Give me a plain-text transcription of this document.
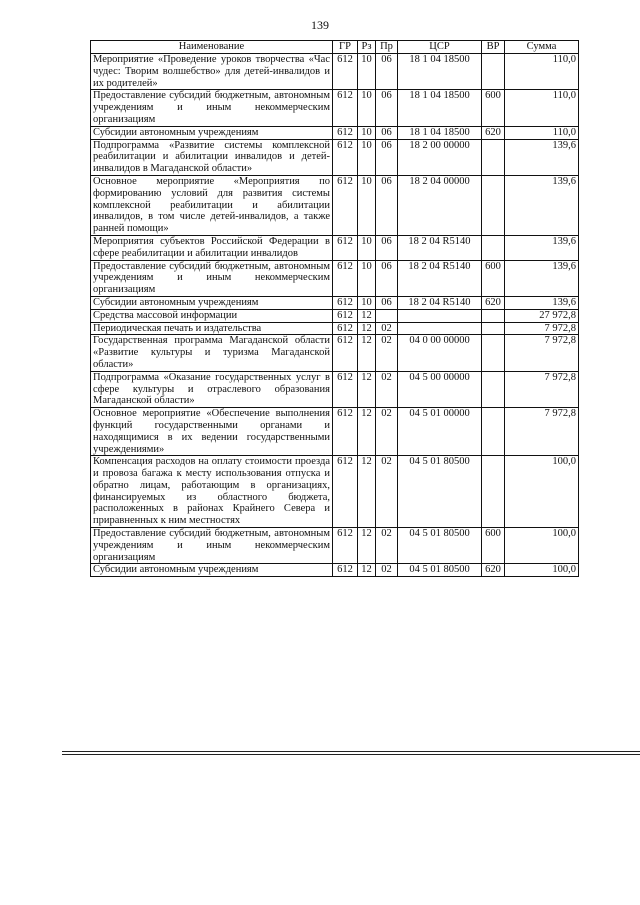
139
Наименование	ГР	Рз	Пр	ЦСР	ВР	Сумма
Мероприятие «Проведение уроков творчества «Час чудес: Творим волшебство» для детей-инвалидов и их родителей»	612	10	06	18 1 04 18500		110,0
Предоставление субсидий бюджетным, автономным учреждениям и иным некоммерческим организациям	612	10	06	18 1 04 18500	600	110,0
Субсидии автономным учреждениям	612	10	06	18 1 04 18500	620	110,0
Подпрограмма «Развитие системы комплексной реабилитации и абилитации инвалидов и детей-инвалидов в Магаданской области»	612	10	06	18 2 00 00000		139,6
Основное мероприятие «Мероприятия по формированию условий для развития системы комплексной реабилитации и абилитации инвалидов, в том числе детей-инвалидов, а также ранней помощи»	612	10	06	18 2 04 00000		139,6
Мероприятия субъектов Российской Федерации в сфере реабилитации и абилитации инвалидов	612	10	06	18 2 04 R5140		139,6
Предоставление субсидий бюджетным, автономным учреждениям и иным некоммерческим организациям	612	10	06	18 2 04 R5140	600	139,6
Субсидии автономным учреждениям	612	10	06	18 2 04 R5140	620	139,6
Средства массовой информации	612	12				27 972,8
Периодическая печать и издательства	612	12	02			7 972,8
Государственная программа Магаданской области «Развитие культуры и туризма Магаданской области»	612	12	02	04 0 00 00000		7 972,8
Подпрограмма «Оказание государственных услуг в сфере культуры и отраслевого образования Магаданской области»	612	12	02	04 5 00 00000		7 972,8
Основное мероприятие «Обеспечение выполнения функций государственными органами и находящимися в их ведении государственными учреждениями»	612	12	02	04 5 01 00000		7 972,8
Компенсация расходов на оплату стоимости проезда и провоза багажа к месту использования отпуска и обратно лицам, работающим в организациях, финансируемых из областного бюджета, расположенных в районах Крайнего Севера и приравненных к ним местностях	612	12	02	04 5 01 80500		100,0
Предоставление субсидий бюджетным, автономным учреждениям и иным некоммерческим организациям	612	12	02	04 5 01 80500	600	100,0
Субсидии автономным учреждениям	612	12	02	04 5 01 80500	620	100,0
